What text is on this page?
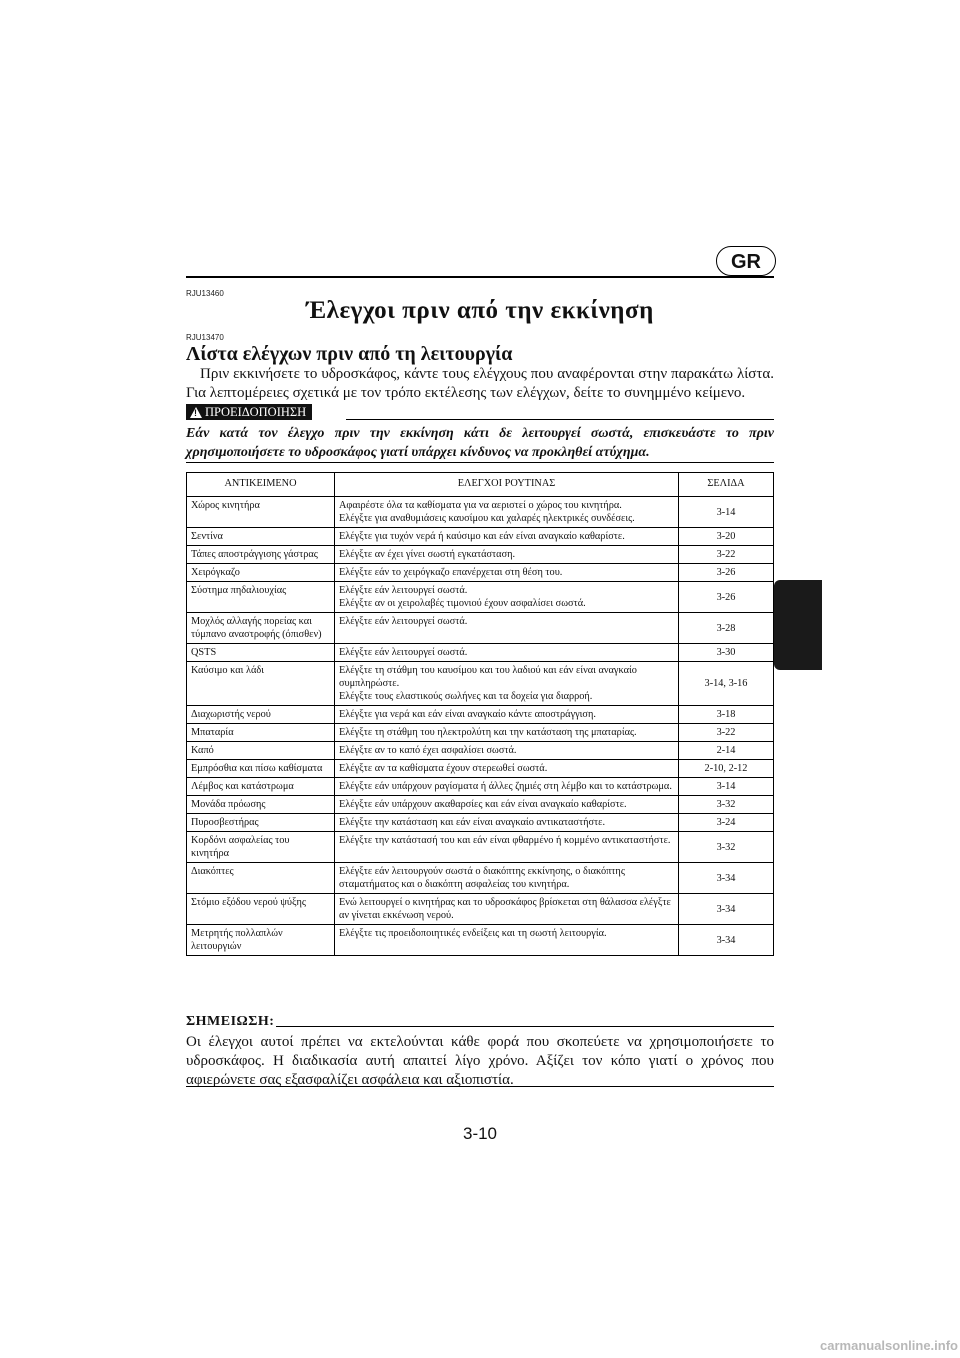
GR
RJU13460
Έλεγχοι πριν από την εκκίνηση
RJU13470
Λίστα ελέγχων πριν από τη λειτουργία
Πριν εκκινήσετε το υδροσκάφος, κάντε τους ελέγχους που αναφέρονται στην παρακάτω λίστα. Για λεπτομέρειες σχετικά με τον τρόπο εκτέλεσης των ελέγχων, δείτε το συνημμένο κείμενο.
!
ΠΡΟΕΙΔΟΠΟΙΗΣΗ
Εάν κατά τον έλεγχο πριν την εκκίνηση κάτι δε λειτουργεί σωστά, επισκευάστε το πριν χρησιμοποιήσετε το υδροσκάφος γιατί υπάρχει κίνδυνος να προκληθεί ατύχημα.
ΑΝΤΙΚΕΙΜΕΝΟ	ΕΛΕΓΧΟΙ ΡΟΥΤΙΝΑΣ	ΣΕΛΙΔΑ
Χώρος κινητήρα	Αφαιρέστε όλα τα καθίσματα για να αεριστεί ο χώρος του κινητήρα.
Ελέγξτε για αναθυμιάσεις καυσίμου και χαλαρές ηλεκτρικές συνδέσεις.	3-14
Σεντίνα	Ελέγξτε για τυχόν νερά ή καύσιμο και εάν είναι αναγκαίο καθαρίστε.	3-20
Τάπες αποστράγγισης γάστρας	Ελέγξτε αν έχει γίνει σωστή εγκατάσταση.	3-22
Χειρόγκαζο	Ελέγξτε εάν το χειρόγκαζο επανέρχεται στη θέση του.	3-26
Σύστημα πηδαλιουχίας	Ελέγξτε εάν λειτουργεί σωστά.
Ελέγξτε αν οι χειρολαβές τιμονιού έχουν ασφαλίσει σωστά.	3-26
Μοχλός αλλαγής πορείας και τύμπανο αναστροφής (όπισθεν)	Ελέγξτε εάν λειτουργεί σωστά.	3-28
QSTS	Ελέγξτε εάν λειτουργεί σωστά.	3-30
Καύσιμο και λάδι	Ελέγξτε τη στάθμη του καυσίμου και του λαδιού και εάν είναι αναγκαίο συμπληρώστε.
Ελέγξτε τους ελαστικούς σωλήνες και τα δοχεία για διαρροή.	3-14, 3-16
Διαχωριστής νερού	Ελέγξτε για νερά και εάν είναι αναγκαίο κάντε αποστράγγιση.	3-18
Μπαταρία	Ελέγξτε τη στάθμη του ηλεκτρολύτη και την κατάσταση της μπαταρίας.	3-22
Καπό	Ελέγξτε αν το καπό έχει ασφαλίσει σωστά.	2-14
Εμπρόσθια και πίσω καθίσματα	Ελέγξτε αν τα καθίσματα έχουν στερεωθεί σωστά.	2-10, 2-12
Λέμβος και κατάστρωμα	Ελέγξτε εάν υπάρχουν ραγίσματα ή άλλες ζημιές στη λέμβο και το κατάστρωμα.	3-14
Μονάδα πρόωσης	Ελέγξτε εάν υπάρχουν ακαθαρσίες και εάν είναι αναγκαίο καθαρίστε.	3-32
Πυροσβεστήρας	Ελέγξτε την κατάσταση και εάν είναι αναγκαίο αντικαταστήστε.	3-24
Κορδόνι ασφαλείας του κινητήρα	Ελέγξτε την κατάστασή του και εάν είναι φθαρμένο ή κομμένο αντικαταστήστε.	3-32
Διακόπτες	Ελέγξτε εάν λειτουργούν σωστά ο διακόπτης εκκίνησης, ο διακόπτης σταματήματος και ο διακόπτη ασφαλείας του κινητήρα.	3-34
Στόμιο εξόδου νερού ψύξης	Ενώ λειτουργεί ο κινητήρας και το υδροσκάφος βρίσκεται στη θάλασσα ελέγξτε αν γίνεται εκκένωση νερού.	3-34
Μετρητής πολλαπλών λειτουργιών	Ελέγξτε τις προειδοποιητικές ενδείξεις και τη σωστή λειτουργία.	3-34
ΣΗΜΕΙΩΣΗ:
Οι έλεγχοι αυτοί πρέπει να εκτελούνται κάθε φορά που σκοπεύετε να χρησιμοποιήσετε το υδροσκάφος. Η διαδικασία αυτή απαιτεί λίγο χρόνο. Αξίζει τον κόπο γιατί ο χρόνος που αφιερώνετε σας εξασφαλίζει ασφάλεια και αξιοπιστία.
3-10
carmanualsonline.info
